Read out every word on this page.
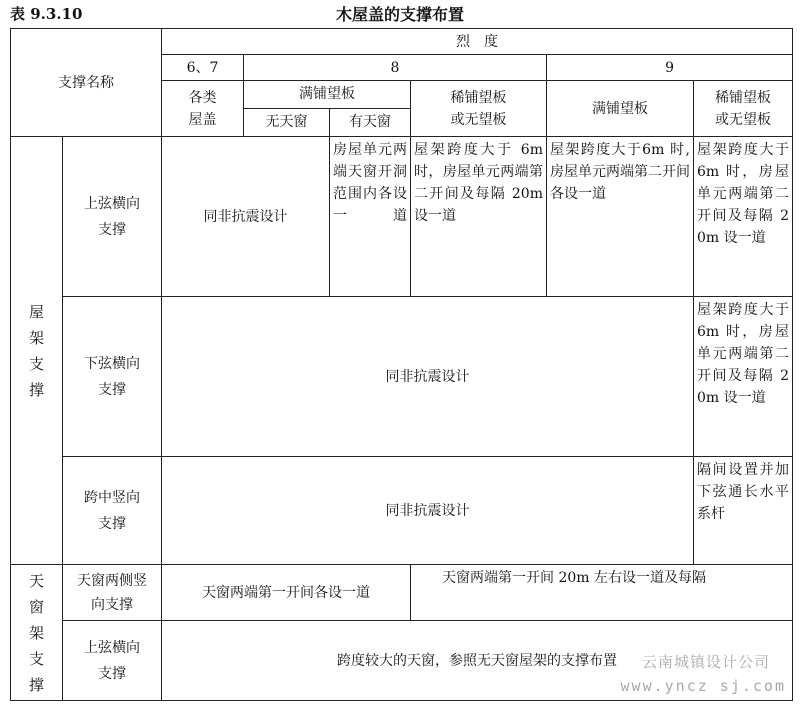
表 9.3.10	木屋盖的支撑布置
支撑名称		烈　度					
		6、7	8			9	

		各类屋盖	满铺望板
无天窗 有天窗		稀铺望板或无望板	满铺望板	稀铺望板或无望板

屋架支撑	上弦横向支撑	同非抗震设计		房屋单元两端天窗开洞范围内各设一道	屋架跨度大于 6m 时，房屋单元两端第二开间及每隔 20m 设一道	屋架跨度大于6m 时,房屋单元两端第二开间各设一道	屋架跨度大于 6m 时，房屋单元两端第二开间及每隔 20m 设一道

	下弦横向支撑	同非抗震设计					屋架跨度大于 6m 时，房屋单元两端第二开间及每隔 20m 设一道

	跨中竖向支撑	同非抗震设计					隔间设置并加下弦通长水平系杆

天窗架支撑	天窗两侧竖向支撑	天窗两端第一开间各设一道			天窗两端第一开间 20m 左右设一道及每隔		

	上弦横向支撑	跨度较大的天窗，参照无天窗屋架的支撑布置					云南城镇设计公司
www.yncz sj.com
